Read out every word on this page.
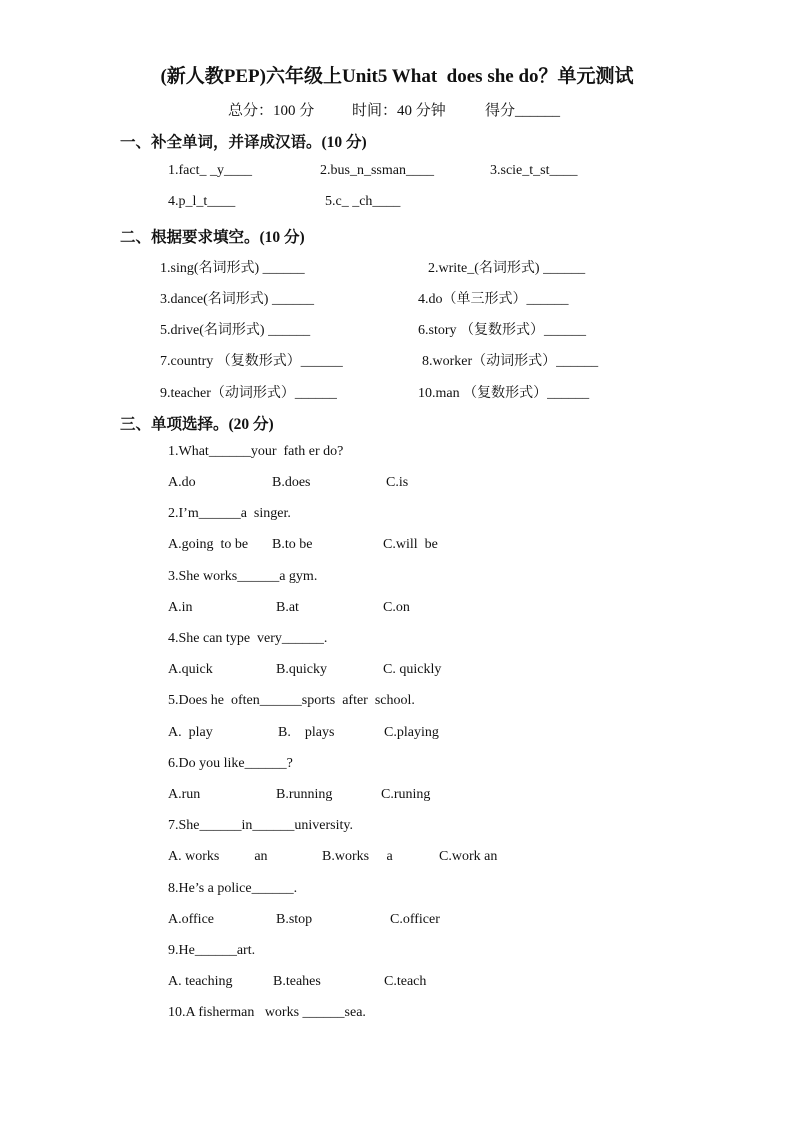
(新人教PEP)六年级上Unit5 What  does she do？单元测试
总分：100 分	时间：40 分钟	得分______
一、补全单词，并译成汉语。(10 分)
1.fact_ _y____	2.bus_n_ssman____	3.scie_t_st____
4.p_l_t____	5.c_ _ch____
二、根据要求填空。(10 分)
1.sing(名词形式) ______	2.write_(名词形式) ______
3.dance(名词形式) ______	4.do（单三形式）______
5.drive(名词形式) ______	6.story （复数形式）______
7.country （复数形式）______	8.worker（动词形式）______
9.teacher（动词形式）______	10.man （复数形式）______
三、单项选择。(20 分)
1.What______your  fath er do?
A.do	B.does	C.is
2.I’m______a  singer.
A.going  to be B.to be	C.will  be
3.She works______a gym.
A.in	B.at	C.on
4.She can type  very______.
A.quick	B.quicky	C. quickly
5.Does he  often______sports  after  school.
A.  play	B.    plays	C.playing
6.Do you like______?
A.run	B.running	C.runing
7.She______in______university.
A. works          an	B.works     a	C.work an
8.He’s a police______.
A.office	B.stop	C.officer
9.He______art.
A. teaching	B.teahes	C.teach
10.A fisherman   works ______sea.
